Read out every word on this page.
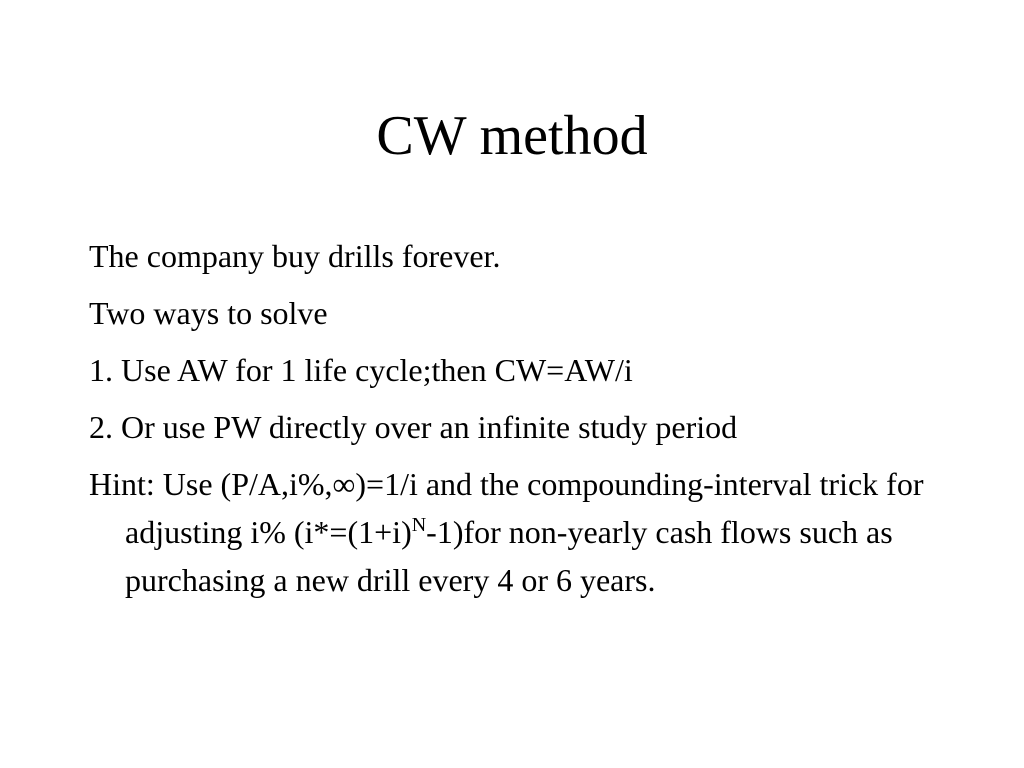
CW method
The company buy drills forever.
Two ways to solve
1. Use AW for 1 life cycle;then CW=AW/i
2. Or use PW directly over an infinite study period
Hint: Use (P/A,i%,∞)=1/i and the compounding-interval trick for adjusting i% $(i*=(1+i)^N-1)for$ non-yearly cash flows such as purchasing a new drill every 4 or 6 years.
